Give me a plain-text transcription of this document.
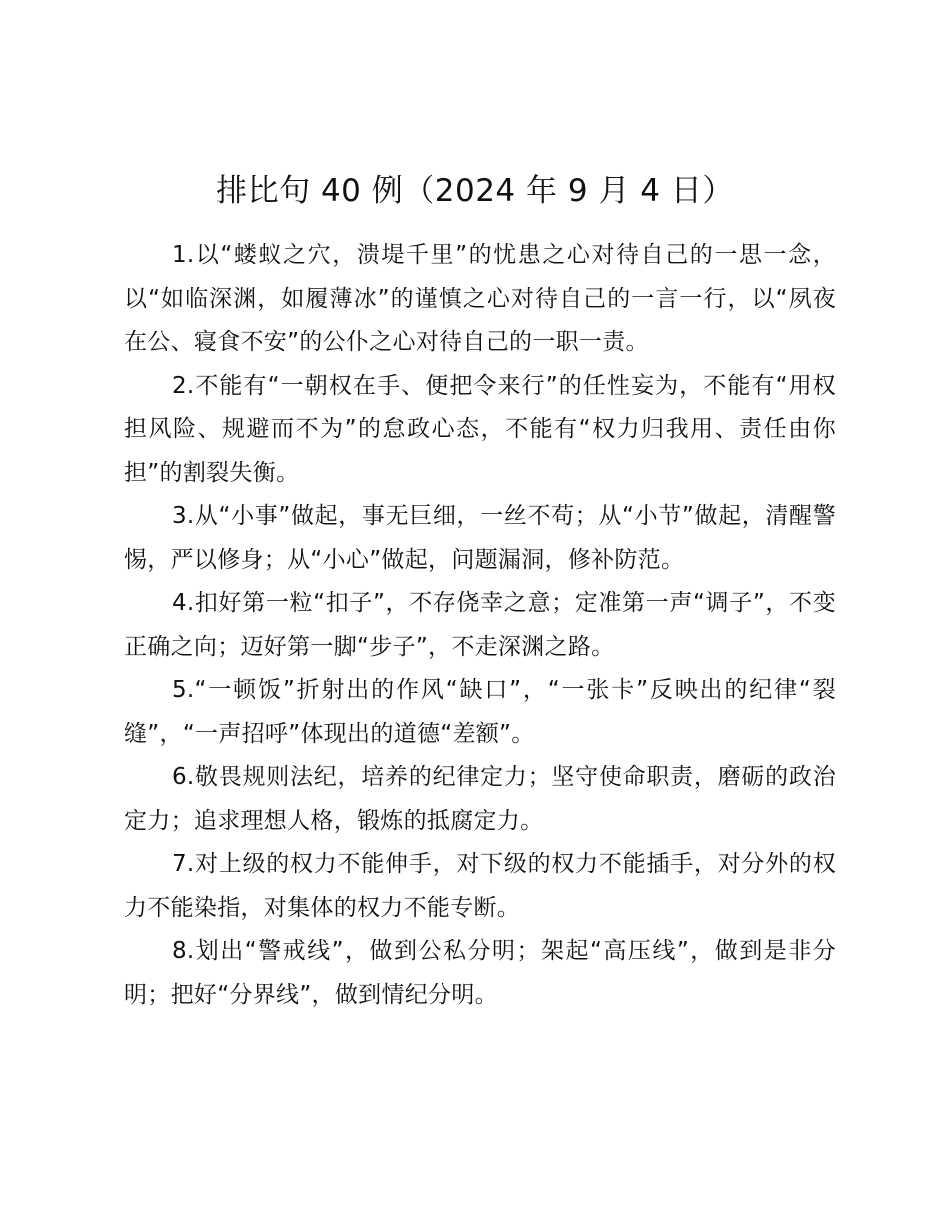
排比句 40 例（2024 年 9 月 4 日）

1.以“蝼蚁之穴，溃堤千里”的忧患之心对待自己的一思一念，以“如临深渊，如履薄冰”的谨慎之心对待自己的一言一行，以“夙夜在公、寝食不安”的公仆之心对待自己的一职一责。

2.不能有“一朝权在手、便把令来行”的任性妄为，不能有“用权担风险、规避而不为”的怠政心态，不能有“权力归我用、责任由你担”的割裂失衡。

3.从“小事”做起，事无巨细，一丝不苟；从“小节”做起，清醒警惕，严以修身；从“小心”做起，问题漏洞，修补防范。

4.扣好第一粒“扣子”，不存侥幸之意；定准第一声“调子”，不变正确之向；迈好第一脚“步子”，不走深渊之路。

5.“一顿饭”折射出的作风“缺口”，“一张卡”反映出的纪律“裂缝”，“一声招呼”体现出的道德“差额”。

6.敬畏规则法纪，培养的纪律定力；坚守使命职责，磨砺的政治定力；追求理想人格，锻炼的抵腐定力。

7.对上级的权力不能伸手，对下级的权力不能插手，对分外的权力不能染指，对集体的权力不能专断。

8.划出“警戒线”，做到公私分明；架起“高压线”，做到是非分明；把好“分界线”，做到情纪分明。
